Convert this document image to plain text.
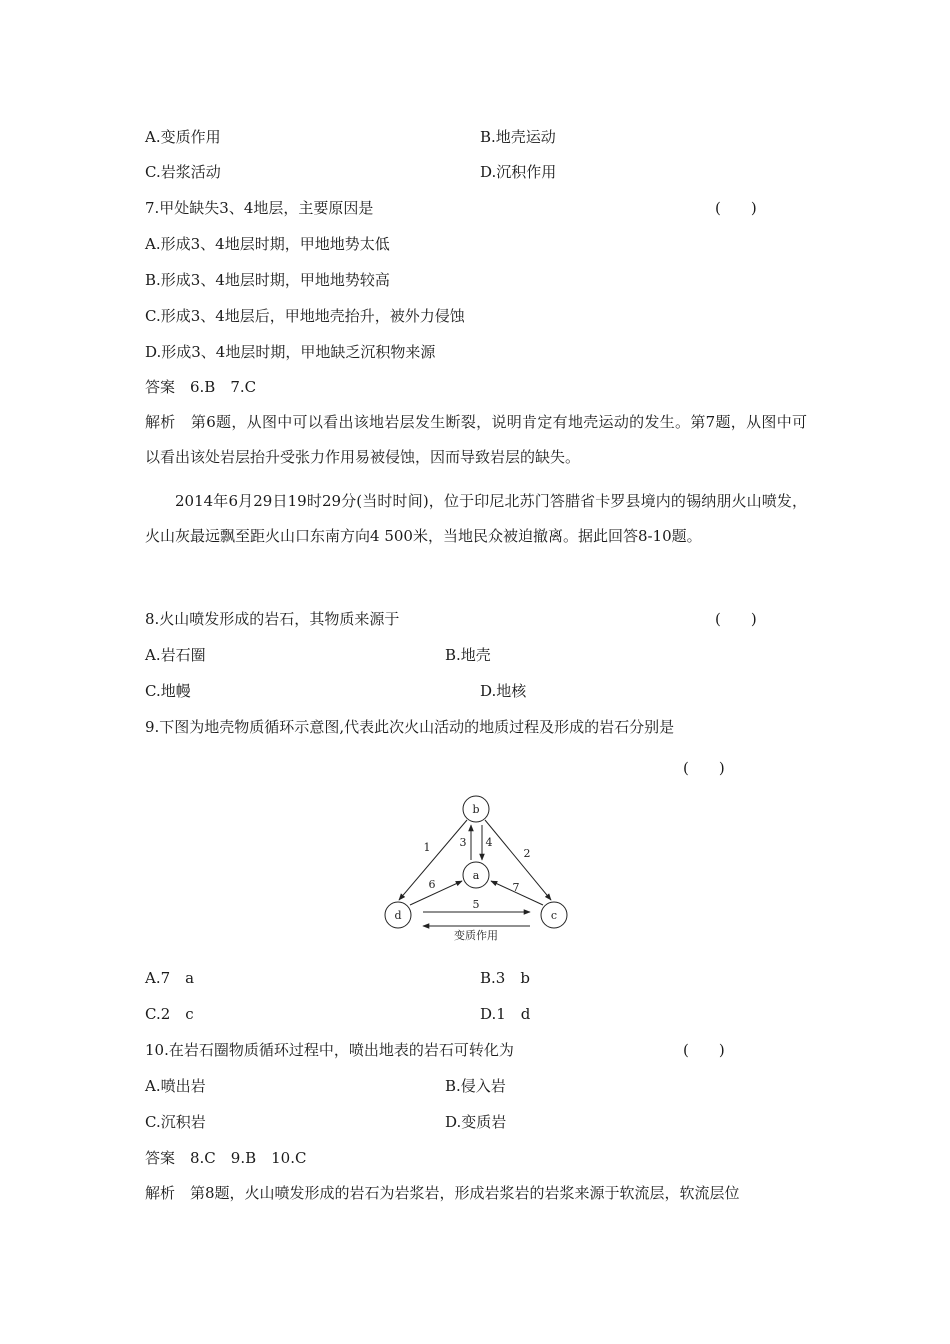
A.变质作用	B.地壳运动
C.岩浆活动	D.沉积作用
7.甲处缺失3、4地层，主要原因是	(　　)
A.形成3、4地层时期，甲地地势太低
B.形成3、4地层时期，甲地地势较高
C.形成3、4地层后，甲地地壳抬升，被外力侵蚀
D.形成3、4地层时期，甲地缺乏沉积物来源
答案　6.B　7.C
解析　第6题，从图中可以看出该地岩层发生断裂，说明肯定有地壳运动的发生。第7题，从图中可以看出该处岩层抬升受张力作用易被侵蚀，因而导致岩层的缺失。
2014年6月29日19时29分(当时时间)，位于印尼北苏门答腊省卡罗县境内的锡纳朋火山喷发，火山灰最远飘至距火山口东南方向4 500米，当地民众被迫撤离。据此回答8-10题。
8.火山喷发形成的岩石，其物质来源于	(　　)
A.岩石圈	B.地壳
C.地幔	D.地核
9.下图为地壳物质循环示意图,代表此次火山活动的地质过程及形成的岩石分别是
(　　)
b
a
d	c
1	2
3 4
5
6	7
变质作用
A.7　a	B.3　b
C.2　c	D.1　d
10.在岩石圈物质循环过程中，喷出地表的岩石可转化为	(　　)
A.喷出岩	B.侵入岩
C.沉积岩	D.变质岩
答案　8.C　9.B　10.C
解析　第8题，火山喷发形成的岩石为岩浆岩，形成岩浆岩的岩浆来源于软流层，软流层位
